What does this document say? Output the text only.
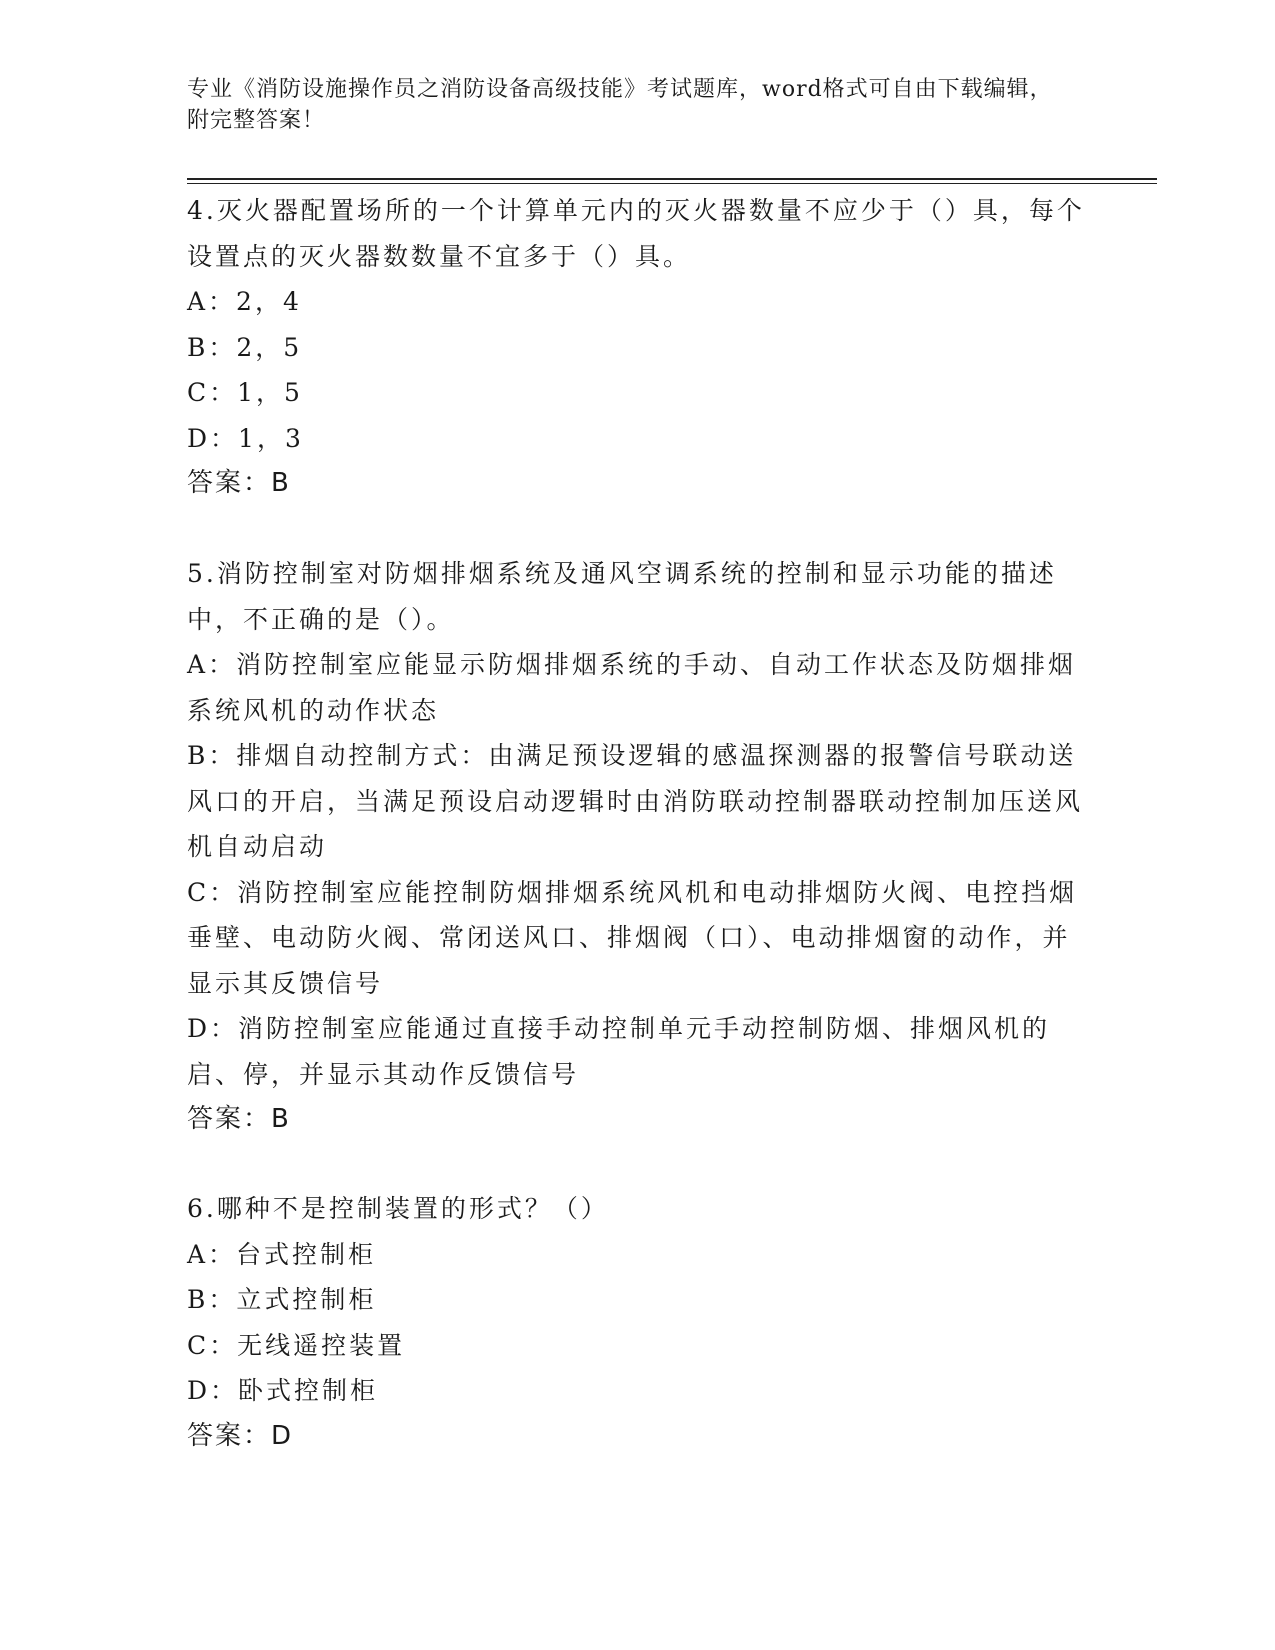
专业《消防设施操作员之消防设备高级技能》考试题库，word格式可自由下载编辑，附完整答案！

4.灭火器配置场所的一个计算单元内的灭火器数量不应少于（）具，每个设置点的灭火器数数量不宜多于（）具。

A：2，4

B：2，5

C：1，5

D：1，3

答案：B

5.消防控制室对防烟排烟系统及通风空调系统的控制和显示功能的描述中，不正确的是（）。

A：消防控制室应能显示防烟排烟系统的手动、自动工作状态及防烟排烟系统风机的动作状态

B：排烟自动控制方式：由满足预设逻辑的感温探测器的报警信号联动送风口的开启，当满足预设启动逻辑时由消防联动控制器联动控制加压送风机自动启动

C：消防控制室应能控制防烟排烟系统风机和电动排烟防火阀、电控挡烟垂壁、电动防火阀、常闭送风口、排烟阀（口）、电动排烟窗的动作，并显示其反馈信号

D：消防控制室应能通过直接手动控制单元手动控制防烟、排烟风机的启、停，并显示其动作反馈信号

答案：B

6.哪种不是控制装置的形式？（）

A：台式控制柜

B：立式控制柜

C：无线遥控装置

D：卧式控制柜

答案：D
